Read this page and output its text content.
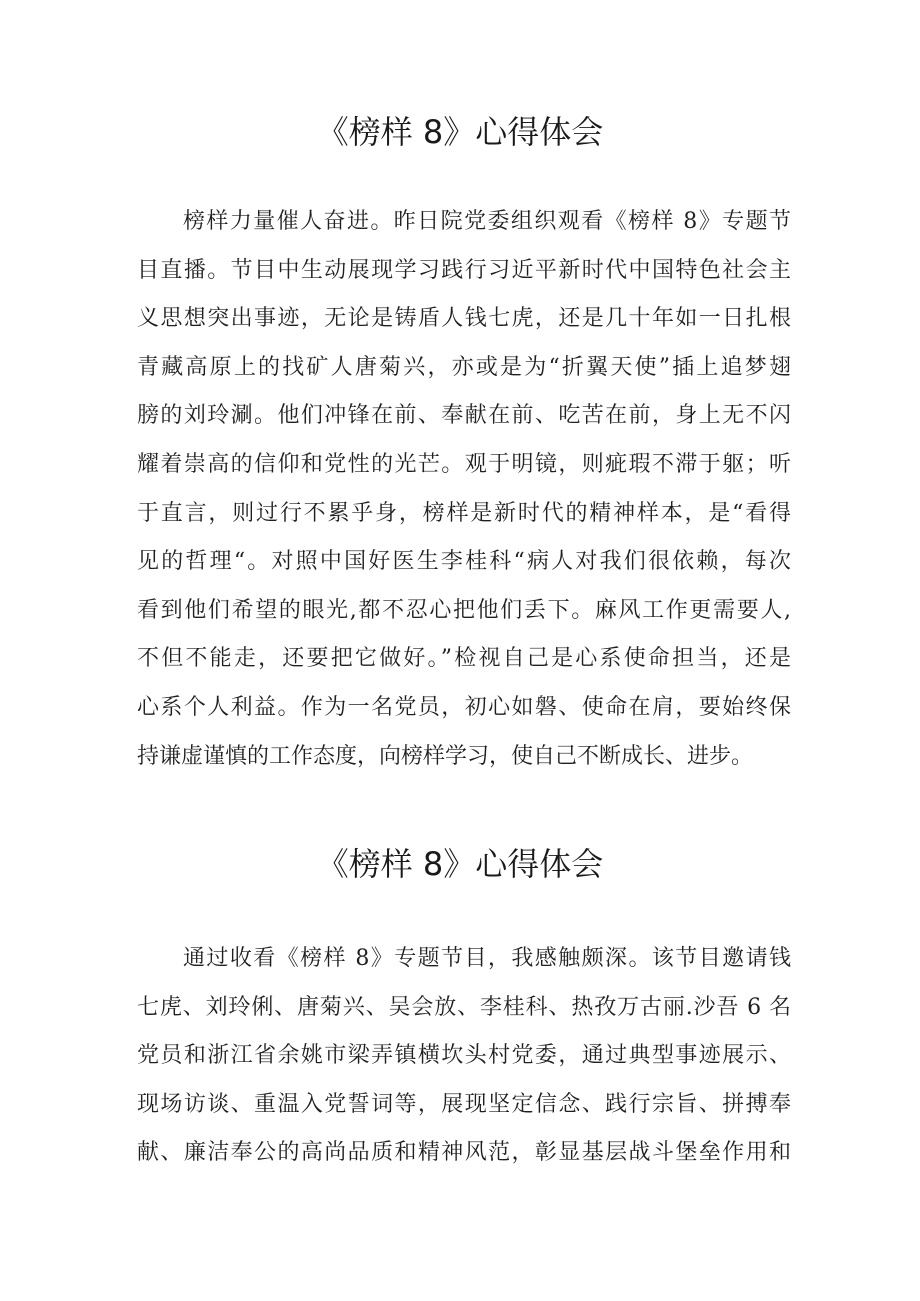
《榜样 8》心得体会
榜样力量催人奋进。昨日院党委组织观看《榜样 8》专题节
目直播。节目中生动展现学习践行习近平新时代中国特色社会主
义思想突出事迹，无论是铸盾人钱七虎，还是几十年如一日扎根
青藏高原上的找矿人唐菊兴，亦或是为“折翼天使”插上追梦翅
膀的刘玲涮。他们冲锋在前、奉献在前、吃苦在前，身上无不闪
耀着崇高的信仰和党性的光芒。观于明镜，则疵瑕不滞于躯；听
于直言，则过行不累乎身，榜样是新时代的精神样本，是“看得
见的哲理“。对照中国好医生李桂科“病人对我们很依赖，每次
看到他们希望的眼光,都不忍心把他们丢下。麻风工作更需要人,
不但不能走，还要把它做好。”检视自己是心系使命担当，还是
心系个人利益。作为一名党员，初心如磐、使命在肩，要始终保
持谦虚谨慎的工作态度，向榜样学习，使自己不断成长、进步。
《榜样 8》心得体会
通过收看《榜样 8》专题节目，我感触颇深。该节目邀请钱
七虎、刘玲俐、唐菊兴、吴会放、李桂科、热孜万古丽.沙吾 6 名
党员和浙江省余姚市梁弄镇横坎头村党委，通过典型事迹展示、
现场访谈、重温入党誓词等，展现坚定信念、践行宗旨、拼搏奉
献、廉洁奉公的高尚品质和精神风范，彰显基层战斗堡垒作用和
